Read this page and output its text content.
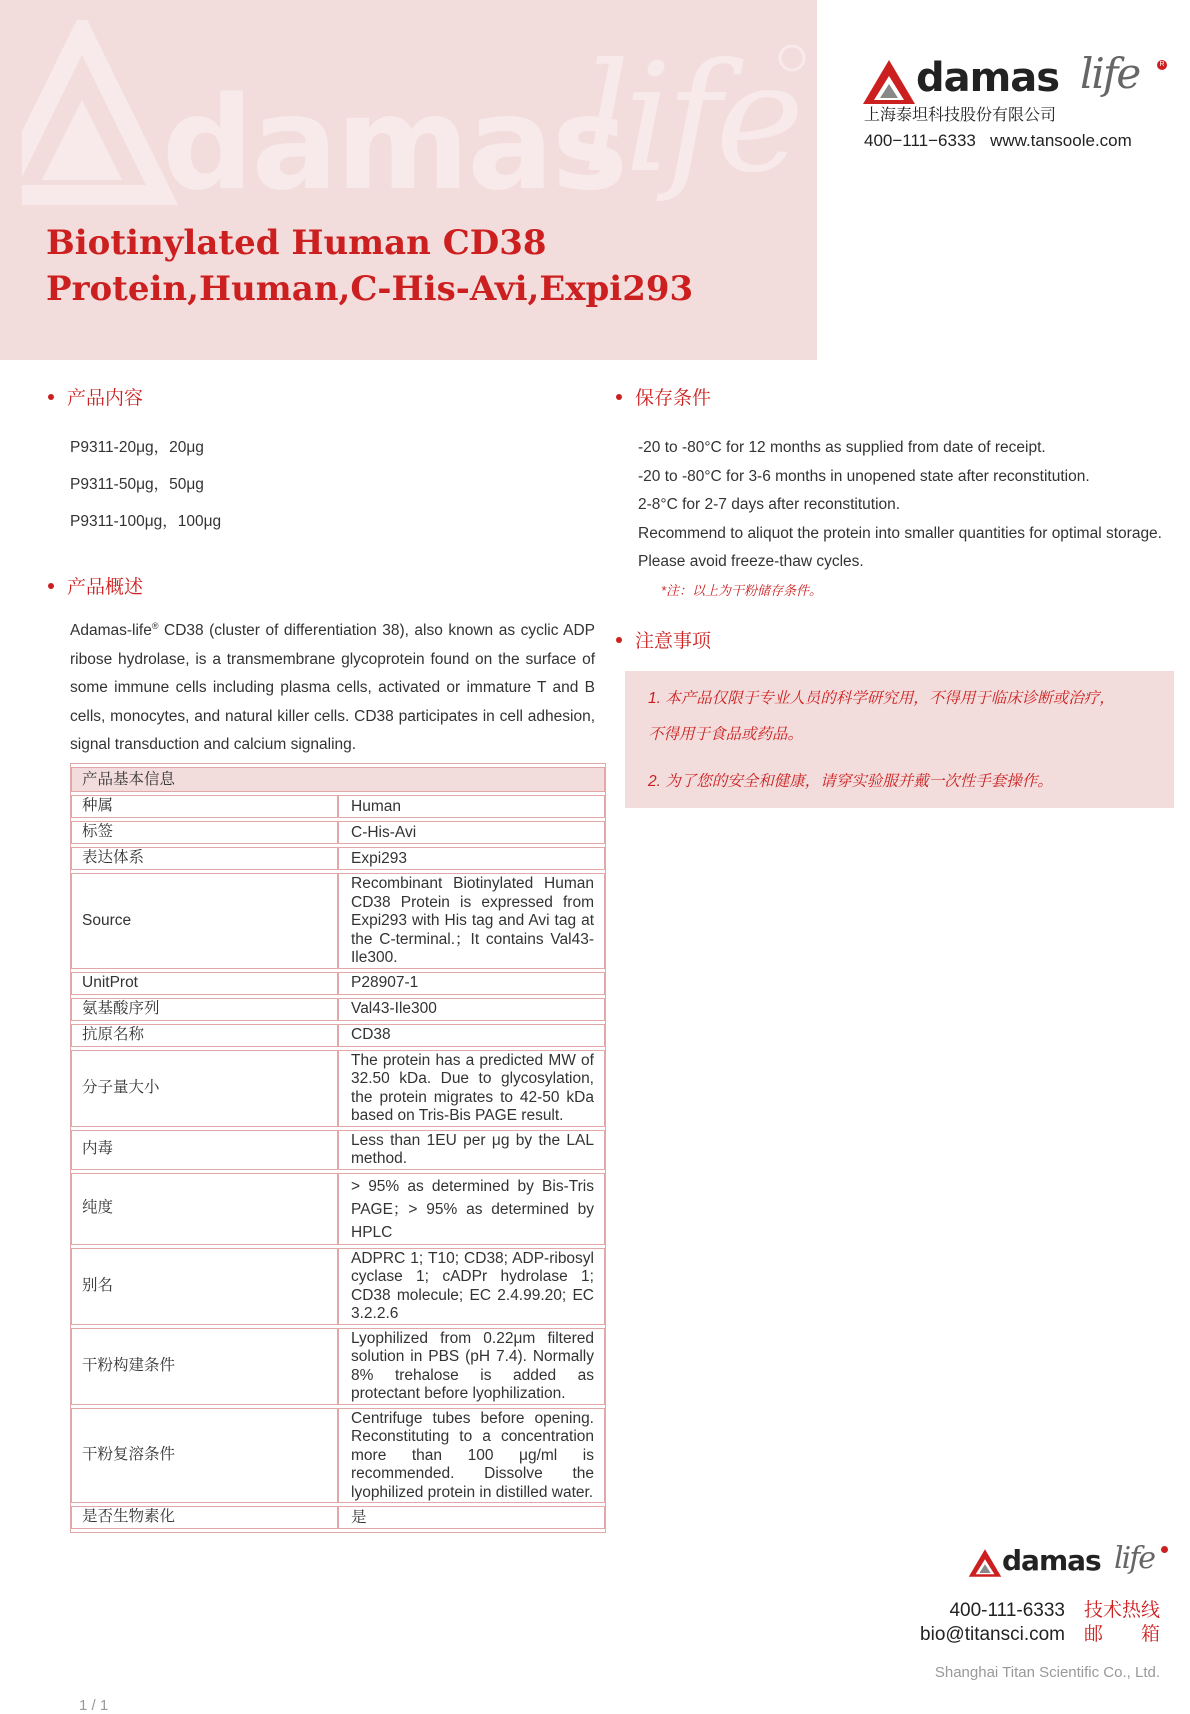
damas
life
Biotinylated Human CD38
Protein,Human,C-His-Avi,Expi293
damas life	R
上海泰坦科技股份有限公司
400−111−6333 www.tansoole.com
产品内容
P9311-20μg，20μg
P9311-50μg，50μg
P9311-100μg，100μg
产品概述
Adamas-life® CD38 (cluster of differentiation 38), also known as cyclic ADP ribose hydrolase, is a transmembrane glycoprotein found on the surface of some immune cells including plasma cells, activated or immature T and B cells, monocytes, and natural killer cells. CD38 participates in cell adhesion, signal transduction and calcium signaling.
产品基本信息	
种属	Human
标签	C-His-Avi
表达体系	Expi293
Source	Recombinant Biotinylated Human CD38 Protein is expressed from Expi293 with His tag and Avi tag at the C-terminal.；It contains Val43-Ile300.
UnitProt	P28907-1
氨基酸序列	Val43-Ile300
抗原名称	CD38
分子量大小	The protein has a predicted MW of 32.50 kDa. Due to glycosylation, the protein migrates to 42-50 kDa based on Tris-Bis PAGE result.
内毒	Less than 1EU per μg by the LAL method.
纯度	> 95% as determined by Bis-Tris PAGE；> 95% as determined by HPLC
别名	ADPRC 1; T10; CD38; ADP-ribosyl cyclase 1; cADPr hydrolase 1; CD38 molecule; EC 2.4.99.20; EC 3.2.2.6
干粉构建条件	Lyophilized from 0.22μm filtered solution in PBS (pH 7.4). Normally 8% trehalose is added as protectant before lyophilization.
干粉复溶条件	Centrifuge tubes before opening. Reconstituting to a concentration more than 100 μg/ml is recommended. Dissolve the lyophilized protein in distilled water.
是否生物素化	是
保存条件
-20 to -80°C for 12 months as supplied from date of receipt.
-20 to -80°C for 3-6 months in unopened state after reconstitution.
2-8°C for 2-7 days after reconstitution.
Recommend to aliquot the protein into smaller quantities for optimal storage. Please avoid freeze-thaw cycles.
*注：以上为干粉储存条件。
注意事项
1. 本产品仅限于专业人员的科学研究用，不得用于临床诊断或治疗，
不得用于食品或药品。
2. 为了您的安全和健康，请穿实验服并戴一次性手套操作。
damas life
400-111-6333 技术热线
bio@titansci.com 邮箱
Shanghai Titan Scientific Co., Ltd.
1 / 1
